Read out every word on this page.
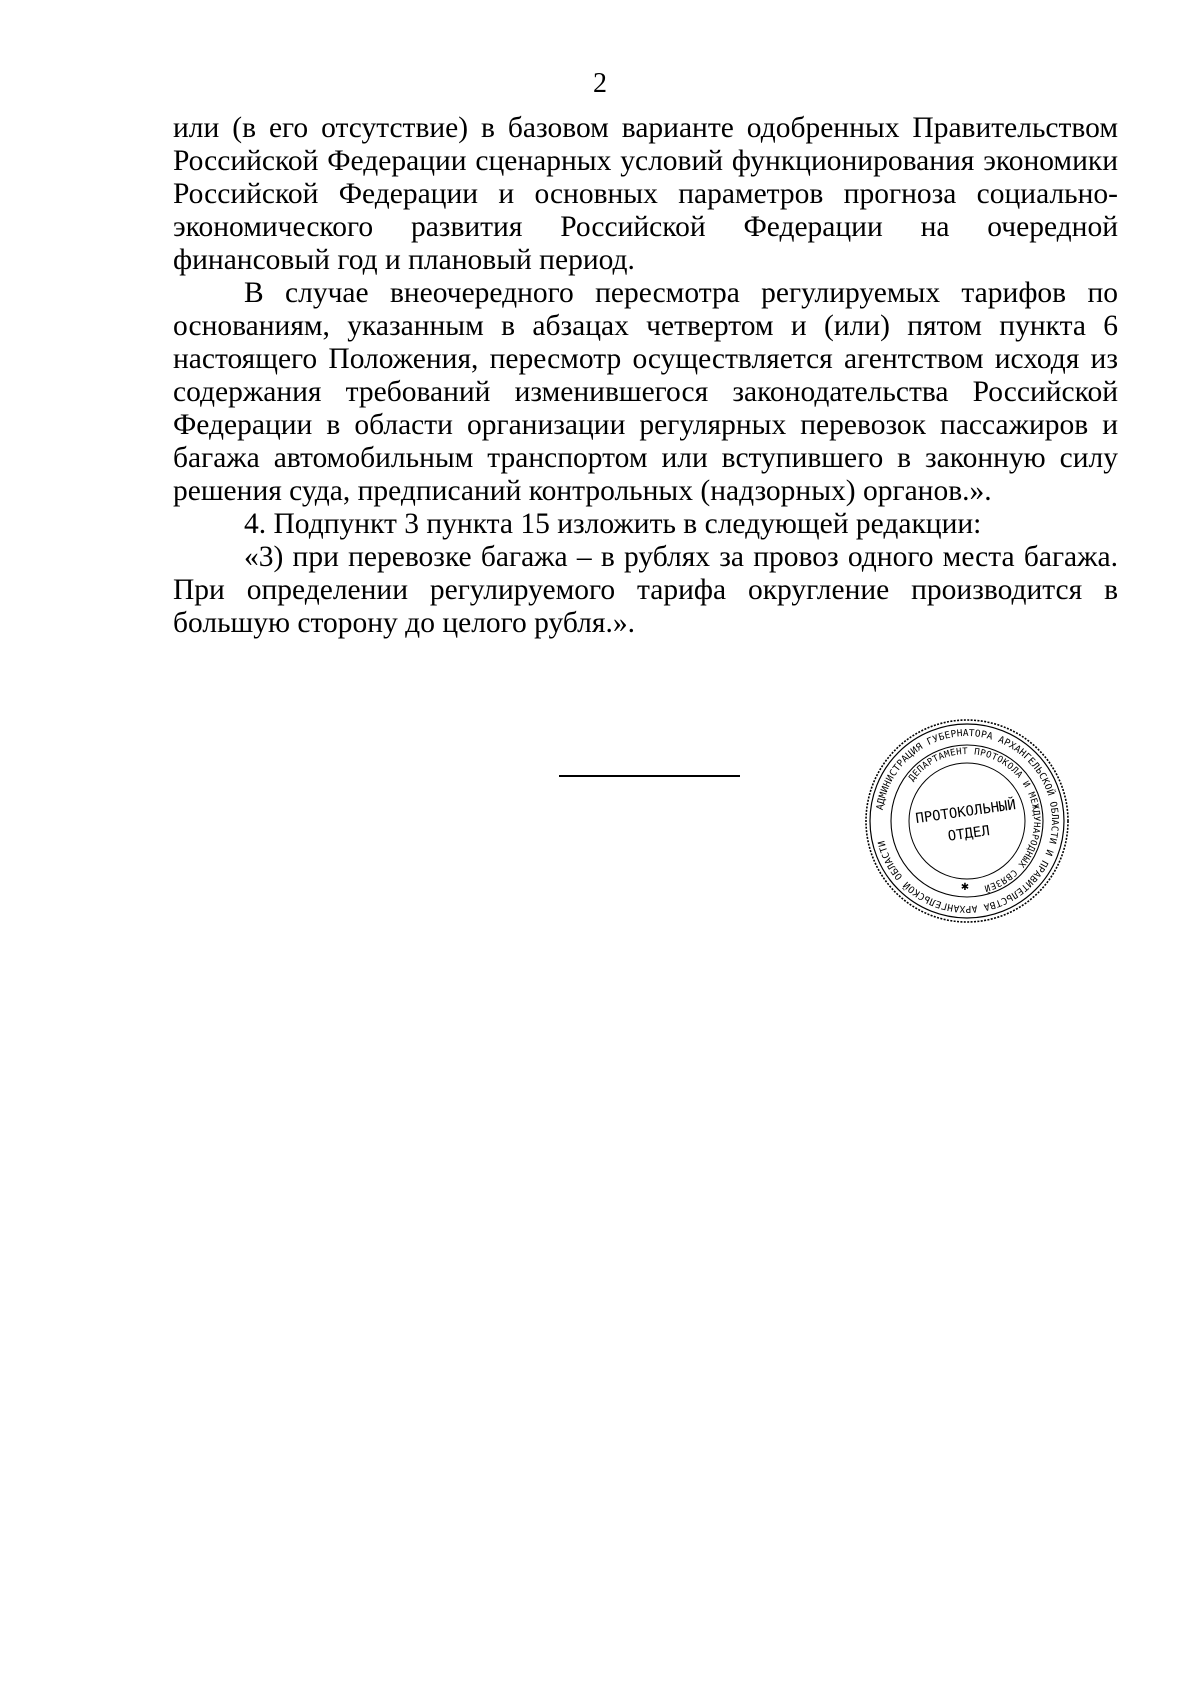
2

или (в его отсутствие) в базовом варианте одобренных Правительством Российской Федерации сценарных условий функционирования экономики Российской Федерации и основных параметров прогноза социально-экономического развития Российской Федерации на очередной финансовый год и плановый период.

В случае внеочередного пересмотра регулируемых тарифов по основаниям, указанным в абзацах четвертом и (или) пятом пункта 6 настоящего Положения, пересмотр осуществляется агентством исходя из содержания требований изменившегося законодательства Российской Федерации в области организации регулярных перевозок пассажиров и багажа автомобильным транспортом или вступившего в законную силу решения суда, предписаний контрольных (надзорных) органов.».

4. Подпункт 3 пункта 15 изложить в следующей редакции:

«3) при перевозке багажа – в рублях за провоз одного места багажа. При определении регулируемого тарифа округление производится в большую сторону до целого рубля.».

АДМИНИСТРАЦИЯ ГУБЕРНАТОРА АРХАНГЕЛЬСКОЙ ОБЛАСТИ И ПРАВИТЕЛЬСТВА АРХАНГЕЛЬСКОЙ ОБЛАСТИ
ДЕПАРТАМЕНТ ПРОТОКОЛА И МЕЖДУНАРОДНЫХ СВЯЗЕЙ
ПРОТОКОЛЬНЫЙ
ОТДЕЛ
✱
